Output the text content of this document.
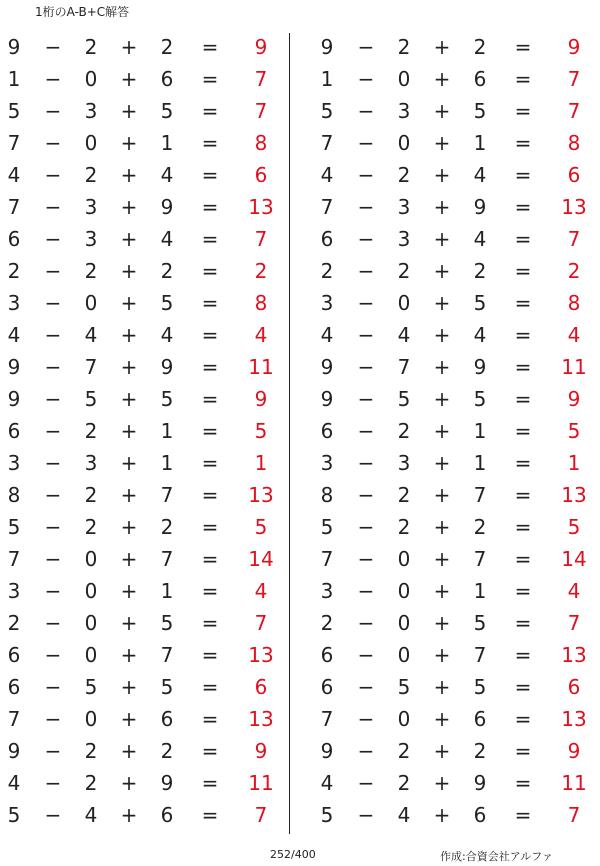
1桁のA-B+C解答
9 − 2 + 2 =	9
1 − 0 + 6 =	7
5 − 3 + 5 =	7
7 − 0 + 1 =	8
4 − 2 + 4 =	6
7 − 3 + 9 = 13
6 − 3 + 4 =	7
2 − 2 + 2 =	2
3 − 0 + 5 =	8
4 − 4 + 4 =	4
9 − 7 + 9 = 11
9 − 5 + 5 =	9
6 − 2 + 1 =	5
3 − 3 + 1 =	1
8 − 2 + 7 = 13
5 − 2 + 2 =	5
7 − 0 + 7 = 14
3 − 0 + 1 =	4
2 − 0 + 5 =	7
6 − 0 + 7 = 13
6 − 5 + 5 =	6
7 − 0 + 6 = 13
9 − 2 + 2 =	9
4 − 2 + 9 = 11
5 − 4 + 6 =	7
9 − 2 + 2 =	9
1 − 0 + 6 =	7
5 − 3 + 5 =	7
7 − 0 + 1 =	8
4 − 2 + 4 =	6
7 − 3 + 9 = 13
6 − 3 + 4 =	7
2 − 2 + 2 =	2
3 − 0 + 5 =	8
4 − 4 + 4 =	4
9 − 7 + 9 = 11
9 − 5 + 5 =	9
6 − 2 + 1 =	5
3 − 3 + 1 =	1
8 − 2 + 7 = 13
5 − 2 + 2 =	5
7 − 0 + 7 = 14
3 − 0 + 1 =	4
2 − 0 + 5 =	7
6 − 0 + 7 = 13
6 − 5 + 5 =	6
7 − 0 + 6 = 13
9 − 2 + 2 =	9
4 − 2 + 9 = 11
5 − 4 + 6 =	7
252/400	作成:合資会社アルファ
